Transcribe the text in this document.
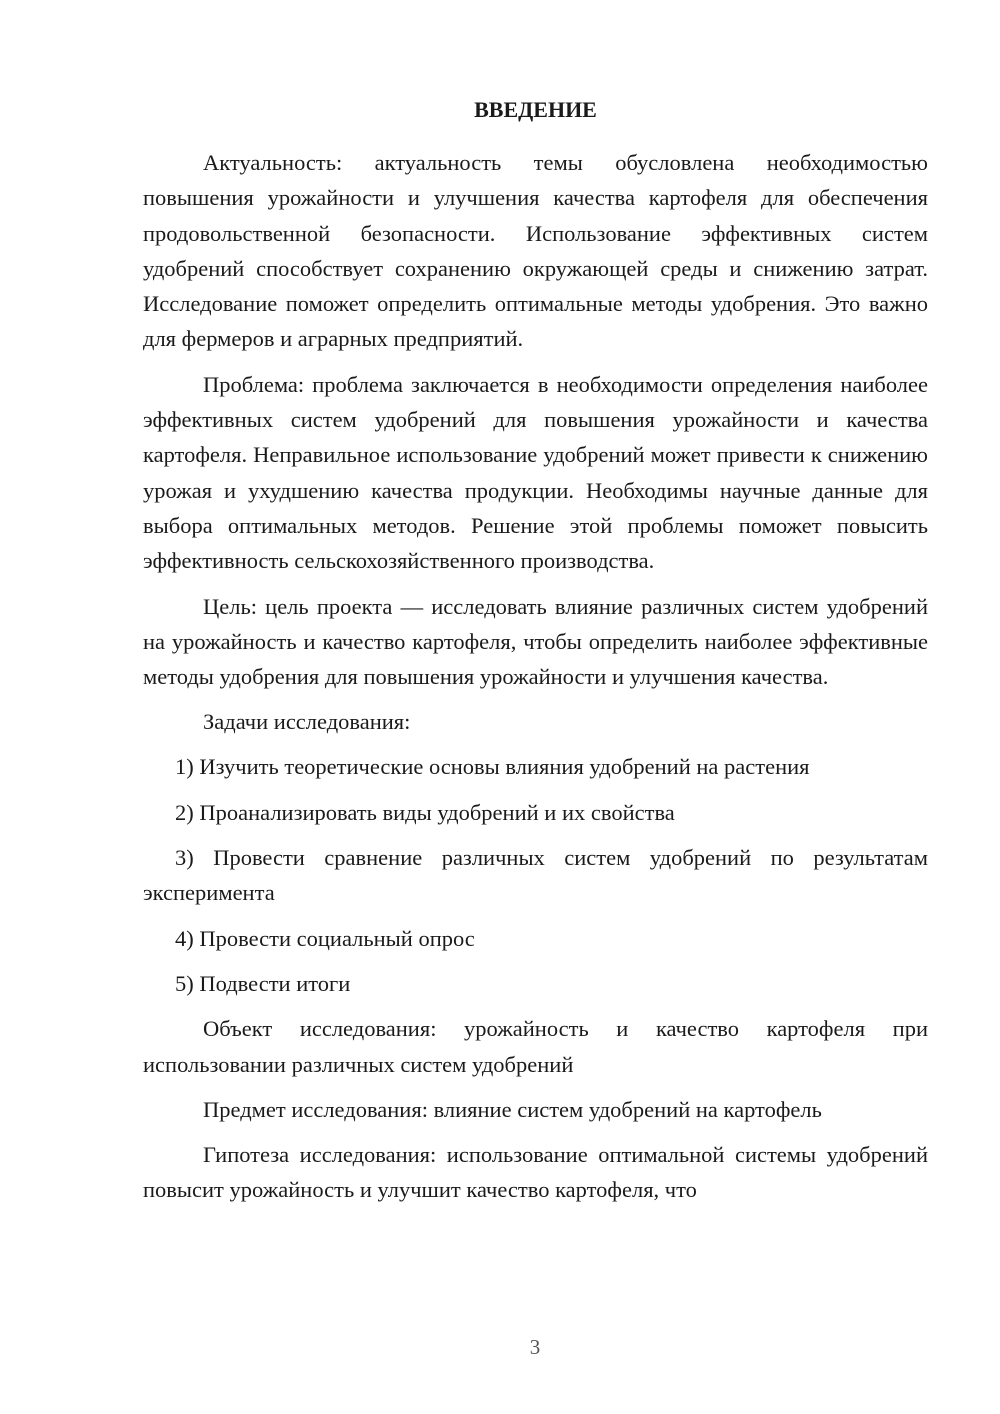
ВВЕДЕНИЕ

Актуальность: актуальность темы обусловлена необходимостью повышения урожайности и улучшения качества картофеля для обеспечения продовольственной безопасности. Использование эффективных систем удобрений способствует сохранению окружающей среды и снижению затрат. Исследование поможет определить оптимальные методы удобрения. Это важно для фермеров и аграрных предприятий.

Проблема: проблема заключается в необходимости определения наиболее эффективных систем удобрений для повышения урожайности и качества картофеля. Неправильное использование удобрений может привести к снижению урожая и ухудшению качества продукции. Необходимы научные данные для выбора оптимальных методов. Решение этой проблемы поможет повысить эффективность сельскохозяйственного производства.

Цель: цель проекта — исследовать влияние различных систем удобрений на урожайность и качество картофеля, чтобы определить наиболее эффективные методы удобрения для повышения урожайности и улучшения качества.

Задачи исследования:

1) Изучить теоретические основы влияния удобрений на растения

2) Проанализировать виды удобрений и их свойства

3) Провести сравнение различных систем удобрений по результатам эксперимента

4) Провести социальный опрос

5) Подвести итоги

Объект исследования: урожайность и качество картофеля при использовании различных систем удобрений

Предмет исследования: влияние систем удобрений на картофель

Гипотеза исследования: использование оптимальной системы удобрений повысит урожайность и улучшит качество картофеля, что

3
